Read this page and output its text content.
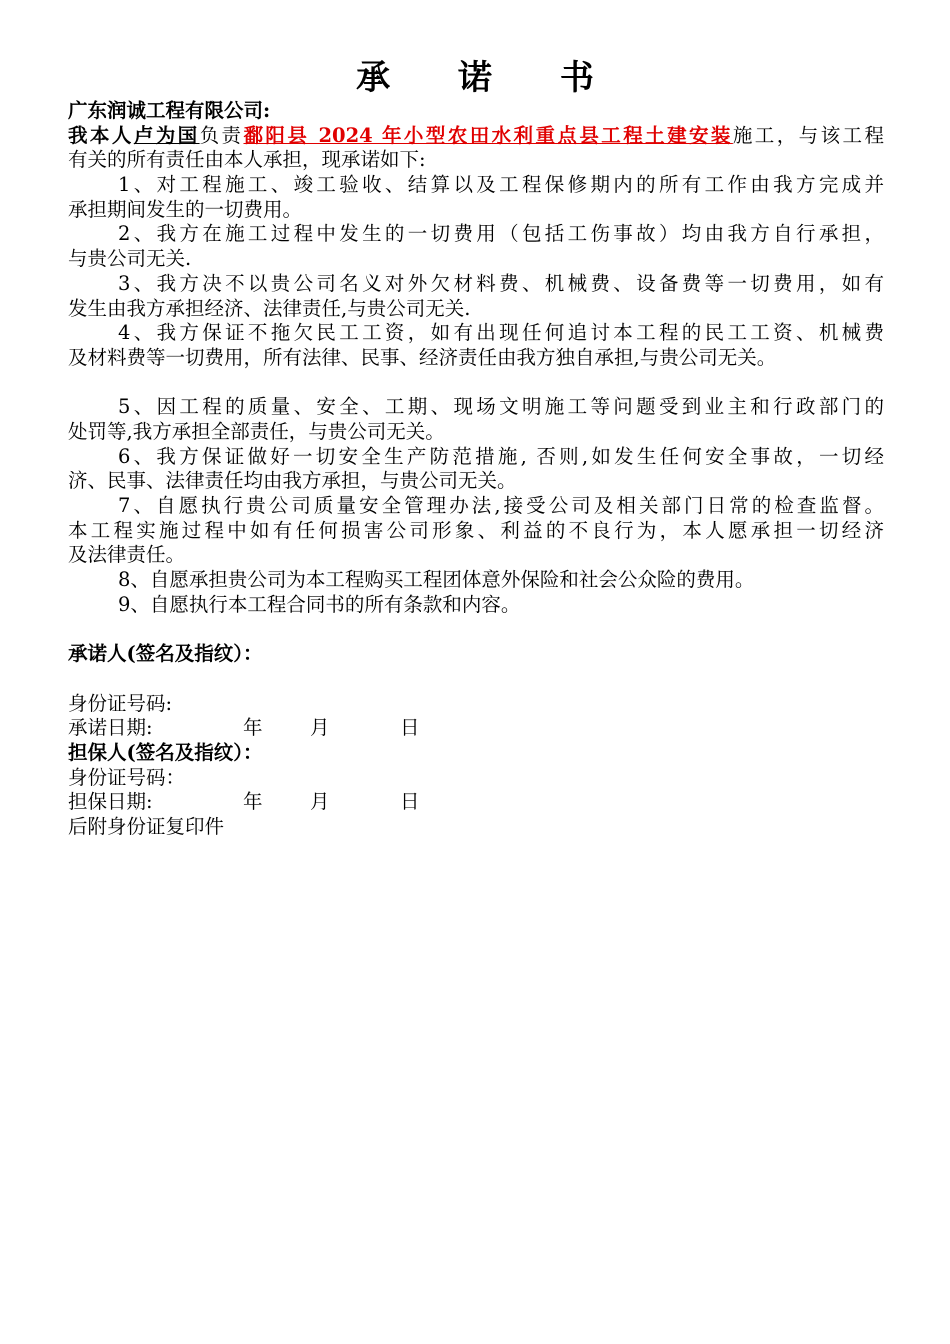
承 诺 书
广东润诚工程有限公司:
我本人卢为国负责鄱阳县 2024 年小型农田水利重点县工程土建安装施工，与该工程
有关的所有责任由本人承担，现承诺如下:
1、对工程施工、竣工验收、结算以及工程保修期内的所有工作由我方完成并
承担期间发生的一切费用。
2、我方在施工过程中发生的一切费用（包括工伤事故）均由我方自行承担，
与贵公司无关.
3、我方决不以贵公司名义对外欠材料费、机械费、设备费等一切费用，如有
发生由我方承担经济、法律责任,与贵公司无关.
4、我方保证不拖欠民工工资，如有出现任何追讨本工程的民工工资、机械费
及材料费等一切费用，所有法律、民事、经济责任由我方独自承担,与贵公司无关。
5、因工程的质量、安全、工期、现场文明施工等问题受到业主和行政部门的
处罚等,我方承担全部责任，与贵公司无关。
6、我方保证做好一切安全生产防范措施, 否则,如发生任何安全事故，一切经
济、民事、法律责任均由我方承担，与贵公司无关。
7、自愿执行贵公司质量安全管理办法,接受公司及相关部门日常的检查监督。
本工程实施过程中如有任何损害公司形象、利益的不良行为，本人愿承担一切经济
及法律责任。
8、自愿承担贵公司为本工程购买工程团体意外保险和社会公众险的费用。
9、自愿执行本工程合同书的所有条款和内容。
承诺人(签名及指纹）：
身份证号码:
承诺日期:	年 月	日
担保人(签名及指纹）：
身份证号码：
担保日期:	年 月	日
后附身份证复印件
